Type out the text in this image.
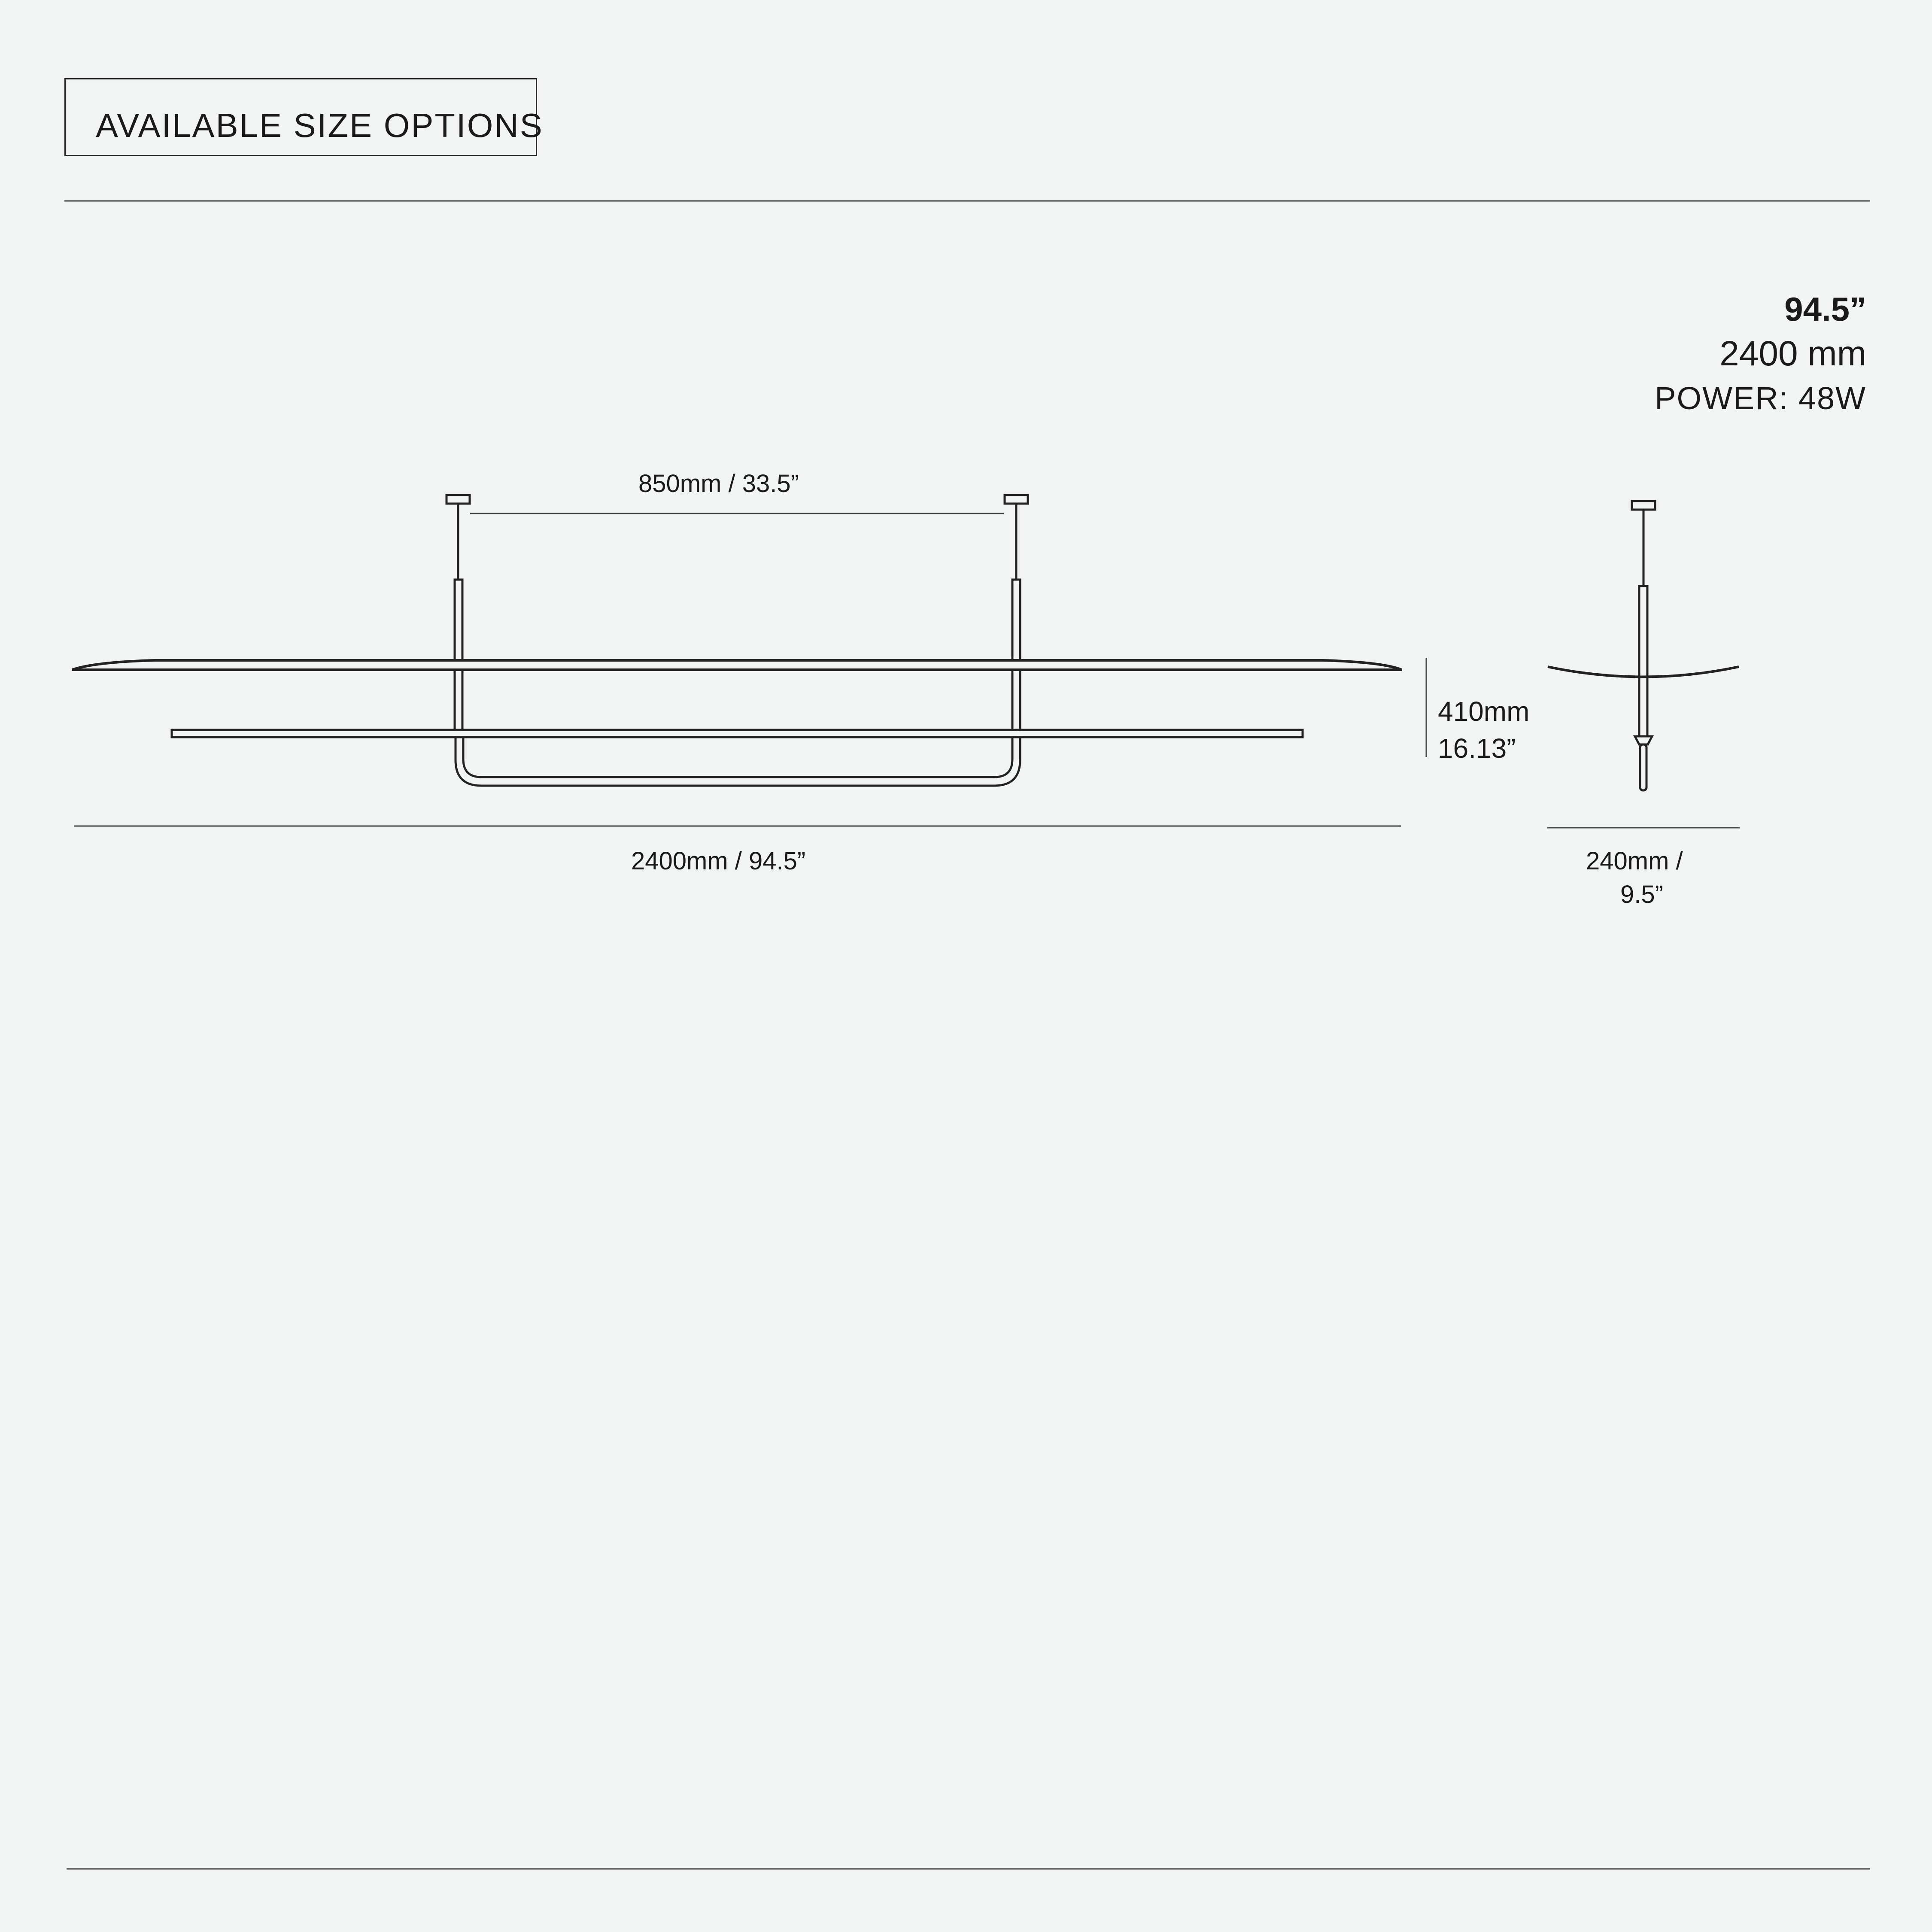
AVAILABLE SIZE OPTIONS
94.5”
2400 mm
POWER: 48W
850mm / 33.5”
410mm
16.13”
2400mm / 94.5”	240mm /
9.5”
